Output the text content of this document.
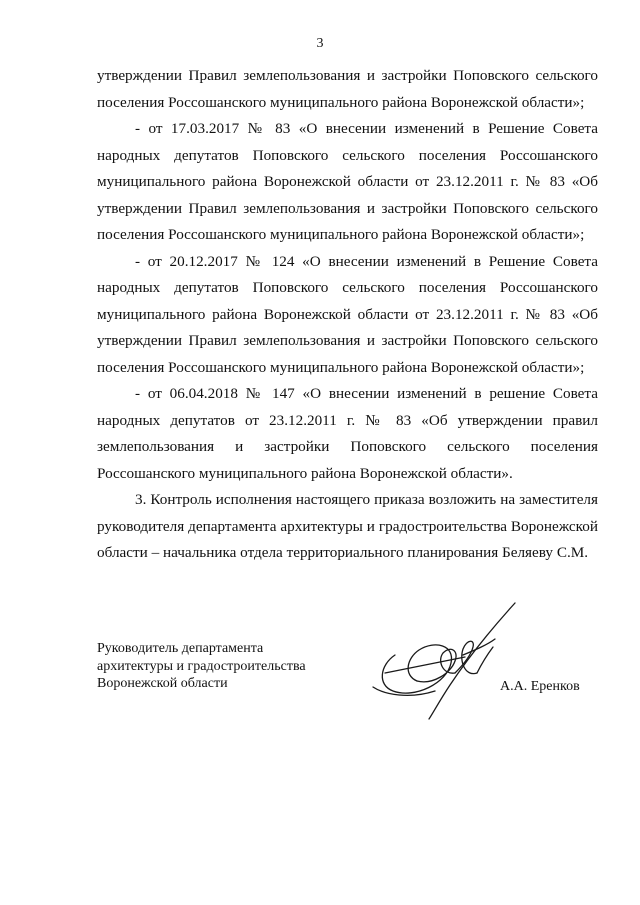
3

утверждении Правил землепользования и застройки Поповского сельского поселения Россошанского муниципального района Воронежской области»;

- от 17.03.2017 № 83 «О внесении изменений в Решение Совета народных депутатов Поповского сельского поселения Россошанского муниципального района Воронежской области от 23.12.2011 г. № 83 «Об утверждении Правил землепользования и застройки Поповского сельского поселения Россошанского муниципального района Воронежской области»;

- от 20.12.2017 № 124 «О внесении изменений в Решение Совета народных депутатов Поповского сельского поселения Россошанского муниципального района Воронежской области от 23.12.2011 г. № 83 «Об утверждении Правил землепользования и застройки Поповского сельского поселения Россошанского муниципального района Воронежской области»;

- от 06.04.2018 № 147 «О внесении изменений в решение Совета народных депутатов от 23.12.2011 г. № 83 «Об утверждении правил землепользования и застройки Поповского сельского поселения Россошанского муниципального района Воронежской области».

3. Контроль исполнения настоящего приказа возложить на заместителя руководителя департамента архитектуры и градостроительства Воронежской области – начальника отдела территориального планирования Беляеву С.М.

Руководитель департамента
архитектуры и градостроительства
Воронежской области	А.А. Еренков
